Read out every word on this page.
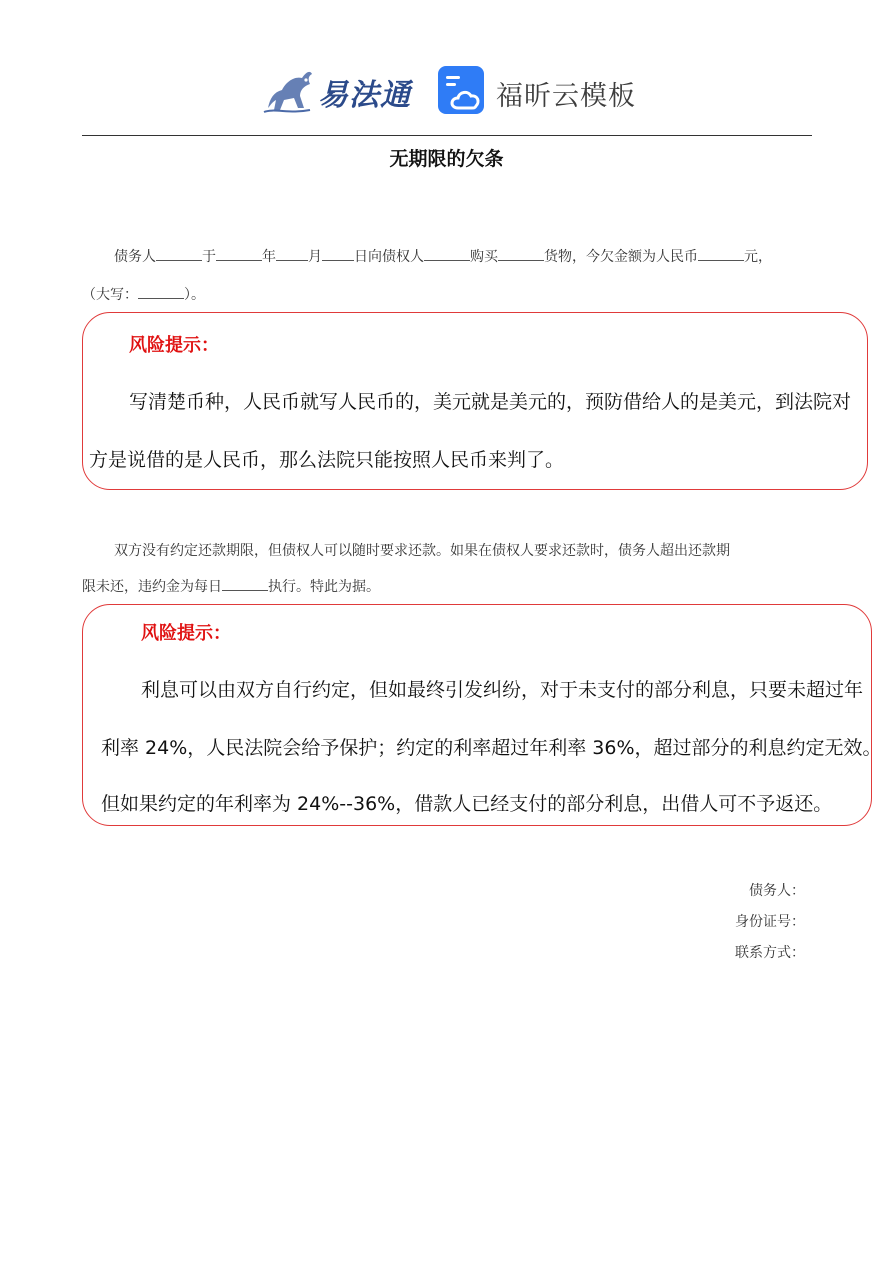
易法通	福昕云模板
无期限的欠条
债务人	于	年 月 日向债权人	购买	货物，今欠金额为人民币	元，
（大写：	）。
风险提示：
写清楚币种，人民币就写人民币的，美元就是美元的，预防借给人的是美元，到法院对
方是说借的是人民币，那么法院只能按照人民币来判了。
双方没有约定还款期限，但债权人可以随时要求还款。如果在债权人要求还款时，债务人超出还款期
限未还，违约金为每日	执行。特此为据。
风险提示：
利息可以由双方自行约定，但如最终引发纠纷，对于未支付的部分利息，只要未超过年
利率 24%，人民法院会给予保护；约定的利率超过年利率 36%，超过部分的利息约定无效。
但如果约定的年利率为 24%--36%，借款人已经支付的部分利息，出借人可不予返还。
债务人：
身份证号：
联系方式：
